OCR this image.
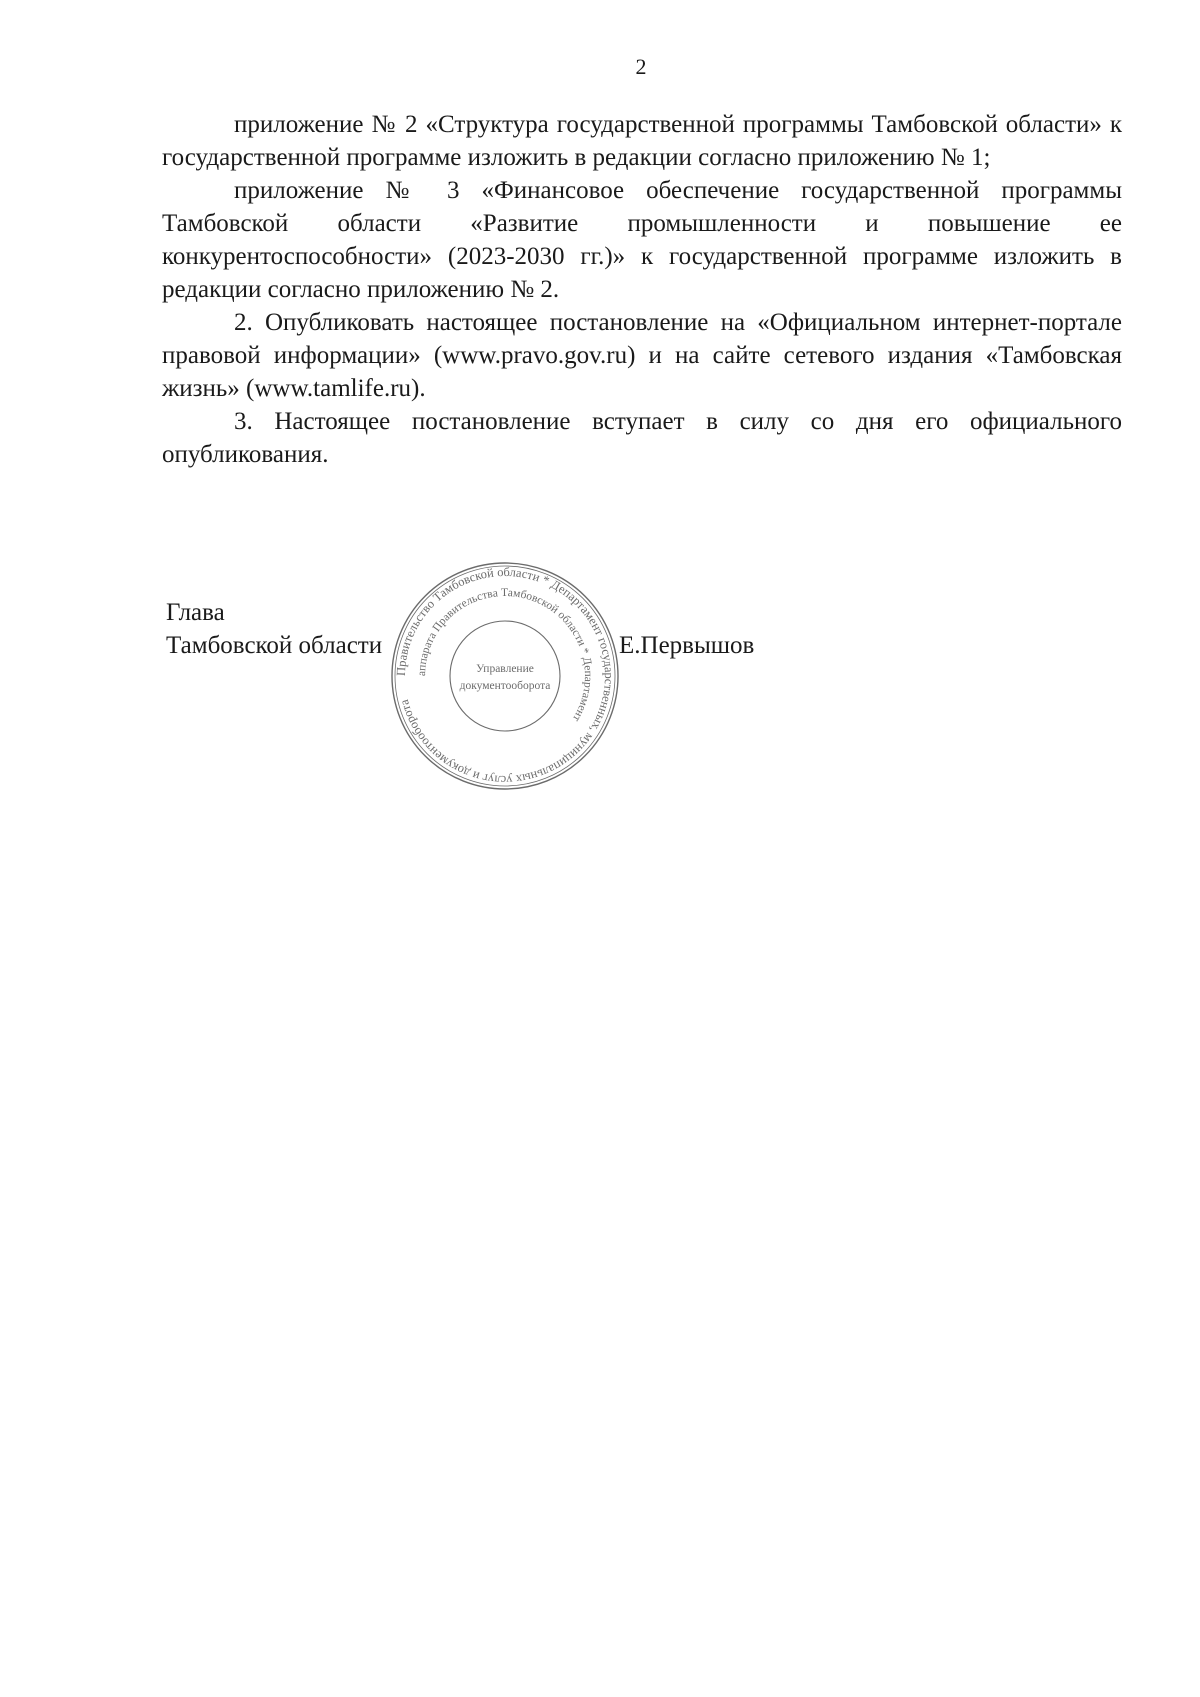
2

приложение № 2 «Структура государственной программы Тамбовской области» к государственной программе изложить в редакции согласно приложению № 1;

приложение № 3 «Финансовое обеспечение государственной программы Тамбовской области «Развитие промышленности и повышение ее конкурентоспособности» (2023-2030 гг.)» к государственной программе изложить в редакции согласно приложению № 2.

2. Опубликовать настоящее постановление на «Официальном интернет-портале правовой информации» (www.pravo.gov.ru) и на сайте сетевого издания «Тамбовская жизнь» (www.tamlife.ru).

3. Настоящее постановление вступает в силу со дня его официального опубликования.

Глава
Тамбовской области	Е.Первышов
Правительство Тамбовской области * Департамент государственных, муниципальных услуг и документооборота
аппарата Правительства Тамбовской области * Департамент
Управление
документооборота
